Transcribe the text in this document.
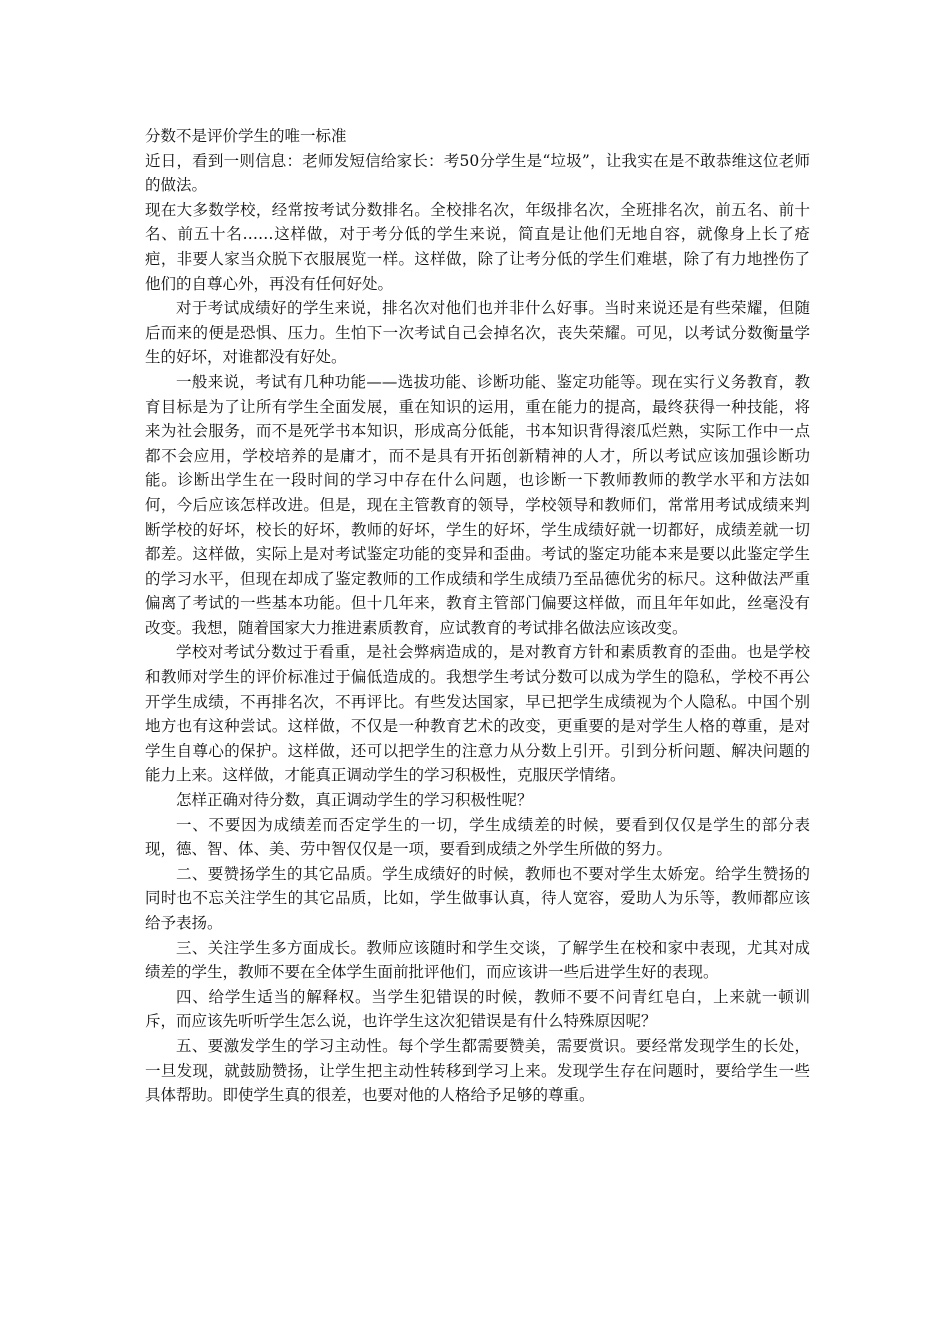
分数不是评价学生的唯一标准

近日，看到一则信息：老师发短信给家长：考50分学生是“垃圾”，让我实在是不敢恭维这位老师的做法。

现在大多数学校，经常按考试分数排名。全校排名次，年级排名次，全班排名次，前五名、前十名、前五十名……这样做，对于考分低的学生来说，简直是让他们无地自容，就像身上长了疮疤，非要人家当众脱下衣服展览一样。这样做，除了让考分低的学生们难堪，除了有力地挫伤了他们的自尊心外，再没有任何好处。

对于考试成绩好的学生来说，排名次对他们也并非什么好事。当时来说还是有些荣耀，但随后而来的便是恐惧、压力。生怕下一次考试自己会掉名次，丧失荣耀。可见，以考试分数衡量学生的好坏，对谁都没有好处。

一般来说，考试有几种功能——选拔功能、诊断功能、鉴定功能等。现在实行义务教育，教育目标是为了让所有学生全面发展，重在知识的运用，重在能力的提高，最终获得一种技能，将来为社会服务，而不是死学书本知识，形成高分低能，书本知识背得滚瓜烂熟，实际工作中一点都不会应用，学校培养的是庸才，而不是具有开拓创新精神的人才，所以考试应该加强诊断功能。诊断出学生在一段时间的学习中存在什么问题，也诊断一下教师教师的教学水平和方法如何，今后应该怎样改进。但是，现在主管教育的领导，学校领导和教师们，常常用考试成绩来判断学校的好坏，校长的好坏，教师的好坏，学生的好坏，学生成绩好就一切都好，成绩差就一切都差。这样做，实际上是对考试鉴定功能的变异和歪曲。考试的鉴定功能本来是要以此鉴定学生的学习水平，但现在却成了鉴定教师的工作成绩和学生成绩乃至品德优劣的标尺。这种做法严重偏离了考试的一些基本功能。但十几年来，教育主管部门偏要这样做，而且年年如此，丝毫没有改变。我想，随着国家大力推进素质教育，应试教育的考试排名做法应该改变。

学校对考试分数过于看重，是社会弊病造成的，是对教育方针和素质教育的歪曲。也是学校和教师对学生的评价标准过于偏低造成的。我想学生考试分数可以成为学生的隐私，学校不再公开学生成绩，不再排名次，不再评比。有些发达国家，早已把学生成绩视为个人隐私。中国个别地方也有这种尝试。这样做，不仅是一种教育艺术的改变，更重要的是对学生人格的尊重，是对学生自尊心的保护。这样做，还可以把学生的注意力从分数上引开。引到分析问题、解决问题的能力上来。这样做，才能真正调动学生的学习积极性，克服厌学情绪。

怎样正确对待分数，真正调动学生的学习积极性呢？

一、不要因为成绩差而否定学生的一切，学生成绩差的时候，要看到仅仅是学生的部分表现，德、智、体、美、劳中智仅仅是一项，要看到成绩之外学生所做的努力。

二、要赞扬学生的其它品质。学生成绩好的时候，教师也不要对学生太娇宠。给学生赞扬的同时也不忘关注学生的其它品质，比如，学生做事认真，待人宽容，爱助人为乐等，教师都应该给予表扬。

三、关注学生多方面成长。教师应该随时和学生交谈，了解学生在校和家中表现，尤其对成绩差的学生，教师不要在全体学生面前批评他们，而应该讲一些后进学生好的表现。

四、给学生适当的解释权。当学生犯错误的时候，教师不要不问青红皂白，上来就一顿训斥，而应该先听听学生怎么说，也许学生这次犯错误是有什么特殊原因呢？

五、要激发学生的学习主动性。每个学生都需要赞美，需要赏识。要经常发现学生的长处，一旦发现，就鼓励赞扬，让学生把主动性转移到学习上来。发现学生存在问题时，要给学生一些具体帮助。即使学生真的很差，也要对他的人格给予足够的尊重。
